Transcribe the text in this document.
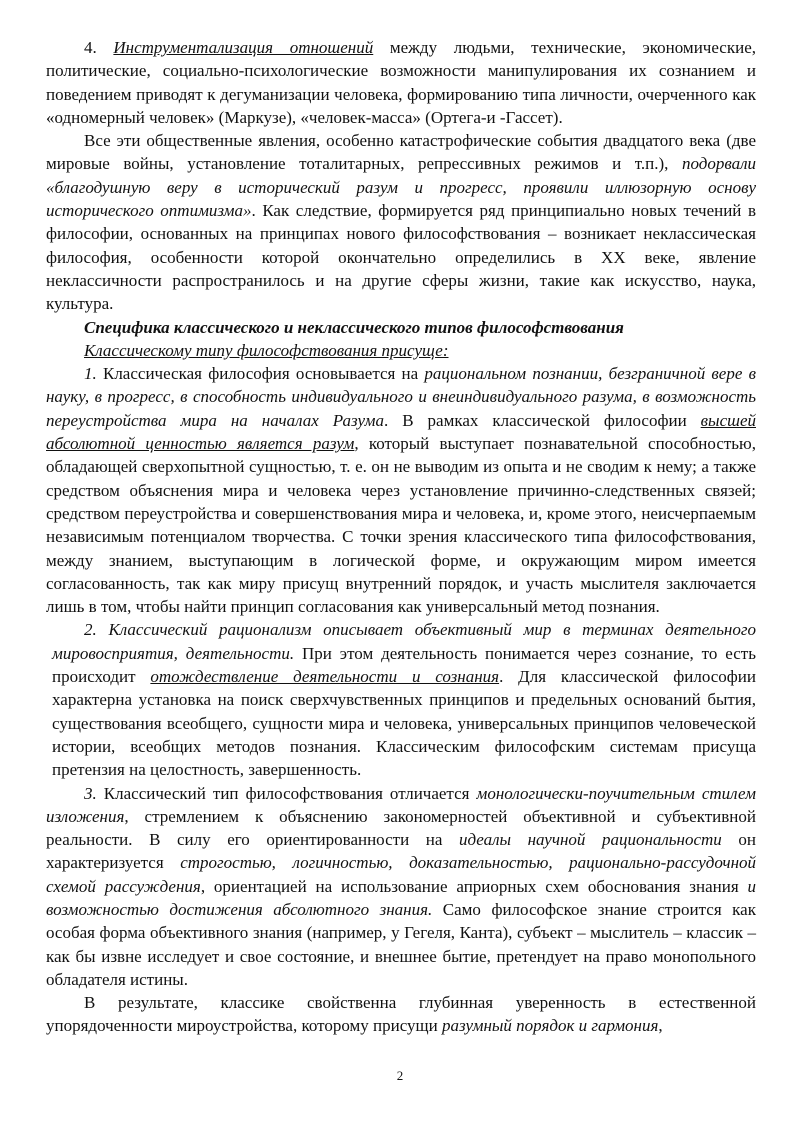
4. Инструментализация отношений между людьми, технические, экономические, политические, социально-психологические возможности манипулирования их сознанием и поведением приводят к дегуманизации человека, формированию типа личности, очерченного как «одномерный человек» (Маркузе), «человек-масса» (Ортега-и -Гассет).

Все эти общественные явления, особенно катастрофические события двадцатого века (две мировые войны, установление тоталитарных, репрессивных режимов и т.п.), подорвали «благодушную веру в исторический разум и прогресс, проявили иллюзорную основу исторического оптимизма». Как следствие, формируется ряд принципиально новых течений в философии, основанных на принципах нового философствования – возникает неклассическая философия, особенности которой окончательно определились в XX веке, явление неклассичности распространилось и на другие сферы жизни, такие как искусство, наука, культура.

Специфика классического и неклассического типов философствования

Классическому типу философствования присуще:

1. Классическая философия основывается на рациональном познании, безграничной вере в науку, в прогресс, в способность индивидуального и внеиндивидуального разума, в возможность переустройства мира на началах Разума. В рамках классической философии высшей абсолютной ценностью является разум, который выступает познавательной способностью, обладающей сверхопытной сущностью, т. е. он не выводим из опыта и не сводим к нему; а также средством объяснения мира и человека через установление причинно-следственных связей; средством переустройства и совершенствования мира и человека, и, кроме этого, неисчерпаемым независимым потенциалом творчества. С точки зрения классического типа философствования, между знанием, выступающим в логической форме, и окружающим миром имеется согласованность, так как миру присущ внутренний порядок, и участь мыслителя заключается лишь в том, чтобы найти принцип согласования как универсальный метод познания.

2. Классический рационализм описывает объективный мир в терминах деятельного мировосприятия, деятельности. При этом деятельность понимается через сознание, то есть происходит отождествление деятельности и сознания. Для классической философии характерна установка на поиск сверхчувственных принципов и предельных оснований бытия, существования всеобщего, сущности мира и человека, универсальных принципов человеческой истории, всеобщих методов познания. Классическим философским системам присуща претензия на целостность, завершенность.

3. Классический тип философствования отличается монологически-поучительным стилем изложения, стремлением к объяснению закономерностей объективной и субъективной реальности. В силу его ориентированности на идеалы научной рациональности он характеризуется строгостью, логичностью, доказательностью, рационально-рассудочной схемой рассуждения, ориентацией на использование априорных схем обоснования знания и возможностью достижения абсолютного знания. Само философское знание строится как особая форма объективного знания (например, у Гегеля, Канта), субъект – мыслитель – классик – как бы извне исследует и свое состояние, и внешнее бытие, претендует на право монопольного обладателя истины.

В результате, классике свойственна глубинная уверенность в естественной упорядоченности мироустройства, которому присущи разумный порядок и гармония,

2
